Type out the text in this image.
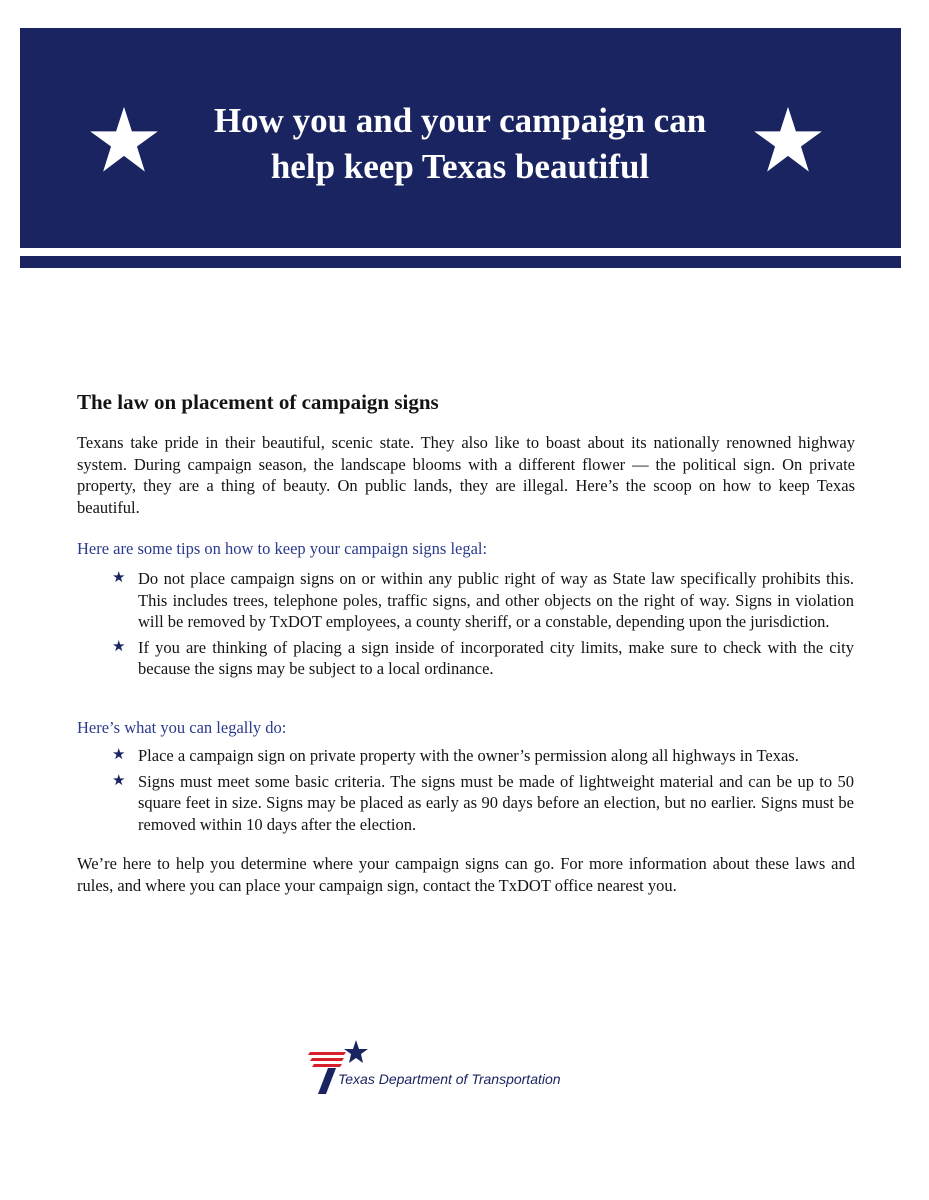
How you and your campaign can
help keep Texas beautiful
The law on placement of campaign signs
Texans take pride in their beautiful, scenic state. They also like to boast about its nationally renowned highway system. During campaign season, the landscape blooms with a different flower — the political sign. On private property, they are a thing of beauty. On public lands, they are illegal. Here’s the scoop on how to keep Texas beautiful.
Here are some tips on how to keep your campaign signs legal:
★ Do not place campaign signs on or within any public right of way as State law specifically prohibits this. This includes trees, telephone poles, traffic signs, and other objects on the right of way. Signs in violation will be removed by TxDOT employees, a county sheriff, or a constable, depending upon the jurisdiction.
★ If you are thinking of placing a sign inside of incorporated city limits, make sure to check with the city because the signs may be subject to a local ordinance.
Here’s what you can legally do:
★ Place a campaign sign on private property with the owner’s permission along all highways in Texas.
★ Signs must meet some basic criteria. The signs must be made of lightweight material and can be up to 50 square feet in size. Signs may be placed as early as 90 days before an election, but no earlier. Signs must be removed within 10 days after the election.
We’re here to help you determine where your campaign signs can go. For more information about these laws and rules, and where you can place your campaign sign, contact the TxDOT office nearest you.
Texas Department of Transportation
